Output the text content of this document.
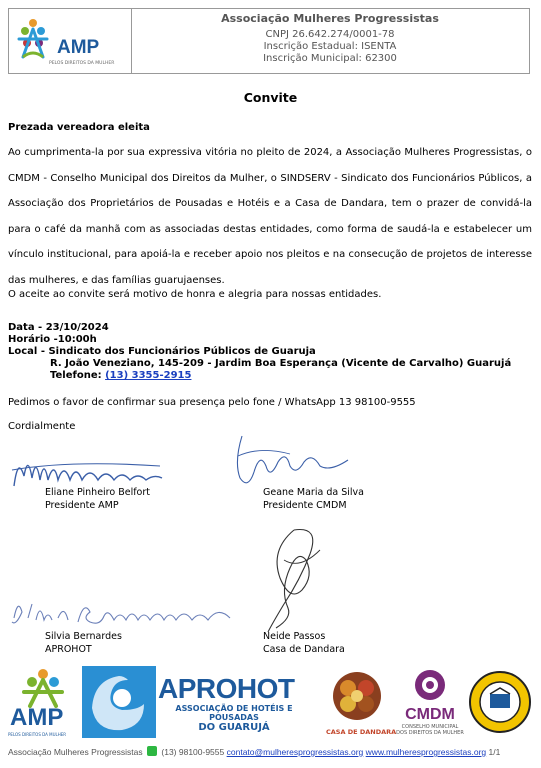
AMP
PELOS DIREITOS DA MULHER
Associação Mulheres Progressistas
CNPJ 26.642.274/0001-78
Inscrição Estadual: ISENTA
Inscrição Municipal: 62300
Convite
Prezada vereadora eleita
Ao cumprimenta-la por sua expressiva vitória no pleito de 2024, a Associação Mulheres Progressistas, o CMDM - Conselho Municipal dos Direitos da Mulher, o SINDSERV - Sindicato dos Funcionários Públicos, a Associação dos Proprietários de Pousadas e Hotéis e a Casa de Dandara, tem o prazer de convidá-la para o café da manhã com as associadas destas entidades, como forma de saudá-la e estabelecer um vínculo institucional, para apoiá-la e receber apoio nos pleitos e na consecução de projetos de interesse das mulheres, e das famílias guarujaenses.
O aceite ao convite será motivo de honra e alegria para nossas entidades.
Data - 23/10/2024
Horário -10:00h
Local - Sindicato dos Funcionários Públicos de Guaruja
R. João Veneziano, 145-209 - Jardim Boa Esperança (Vicente de Carvalho) Guarujá
Telefone: (13) 3355-2915
Pedimos o favor de confirmar sua presença pelo fone / WhatsApp 13 98100-9555
Cordialmente
Eliane Pinheiro Belfort
Presidente AMP
Geane Maria da Silva
Presidente CMDM
Silvia Bernardes
APROHOT
Neide Passos
Casa de Dandara
AMP
PELOS DIREITOS DA MULHER
APROHOT
ASSOCIAÇÃO DE HOTÉIS E POUSADAS
DO GUARUJÁ	CASA DE DANDARA
CMDM
CONSELHO MUNICIPAL
DOS DIREITOS DA MULHER
Associação Mulheres Progressistas (13) 98100-9555 contato@mulheresprogressistas.org www.mulheresprogressistas.org 1/1
